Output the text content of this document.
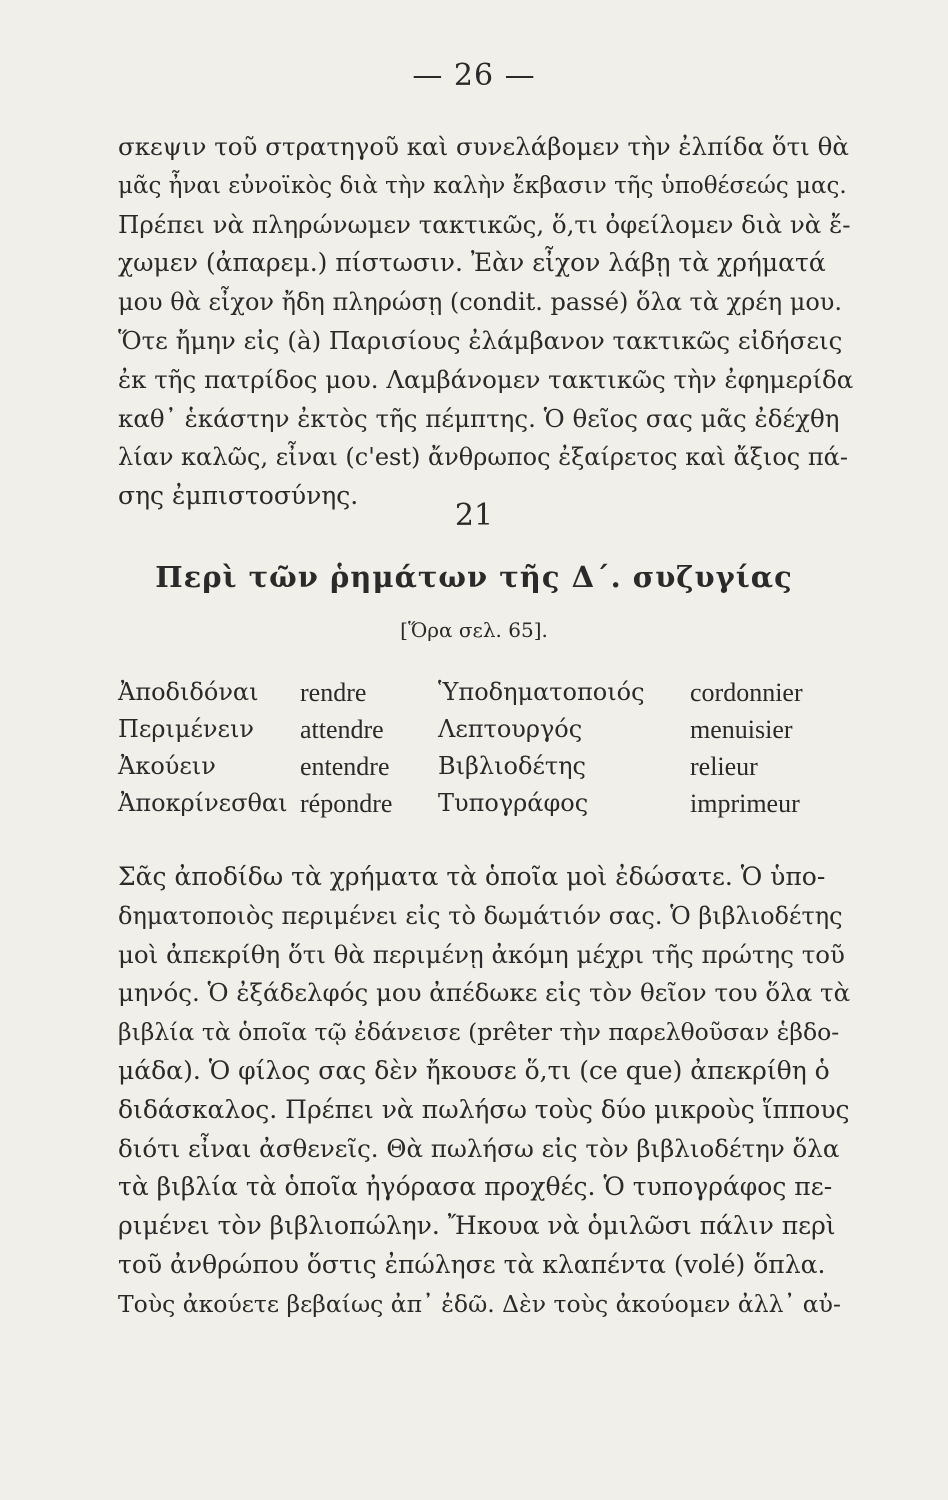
— 26 —
σκεψιν τοῦ στρατηγοῦ καὶ συνελάβομεν τὴν ἐλπίδα ὅτι θὰ
μᾶς ἦναι εὐνοϊκὸς διὰ τὴν καλὴν ἔκβασιν τῆς ὑποθέσεώς μας.
Πρέπει νὰ πληρώνωμεν τακτικῶς, ὅ,τι ὀφείλομεν διὰ νὰ ἔ-
χωμεν (ἀπαρεμ.) πίστωσιν. Ἐὰν εἶχον λάβῃ τὰ χρήματά
μου θὰ εἶχον ἤδη πληρώσῃ (condit. passé) ὅλα τὰ χρέη μου.
Ὅτε ἤμην εἰς (à) Παρισίους ἐλάμβανον τακτικῶς εἰδήσεις
ἐκ τῆς πατρίδος μου. Λαμβάνομεν τακτικῶς τὴν ἐφημερίδα
καθ᾽ ἑκάστην ἐκτὸς τῆς πέμπτης. Ὁ θεῖος σας μᾶς ἐδέχθη
λίαν καλῶς, εἶναι (c'est) ἄνθρωπος ἐξαίρετος καὶ ἄξιος πά-
σης ἐμπιστοσύνης.
21
Περὶ τῶν ῥημάτων τῆς Δ΄. συζυγίας
[Ὅρα σελ. 65].
Ἀποδιδόναι rendre	Ὑποδηματοποιός cordonnier
Περιμένειν attendre Λεπτουργός	menuisier
Ἀκούειν	entendre Βιβλιοδέτης	relieur
Ἀποκρίνεσθαι répondre Τυπογράφος	imprimeur
Σᾶς ἀποδίδω τὰ χρήματα τὰ ὁποῖα μοὶ ἐδώσατε. Ὁ ὑπο-
δηματοποιὸς περιμένει εἰς τὸ δωμάτιόν σας. Ὁ βιβλιοδέτης
μοὶ ἀπεκρίθη ὅτι θὰ περιμένῃ ἀκόμη μέχρι τῆς πρώτης τοῦ
μηνός. Ὁ ἐξάδελφός μου ἀπέδωκε εἰς τὸν θεῖον του ὅλα τὰ
βιβλία τὰ ὁποῖα τῷ ἐδάνεισε (prêter τὴν παρελθοῦσαν ἑβδο-
μάδα). Ὁ φίλος σας δὲν ἤκουσε ὅ,τι (ce que) ἀπεκρίθη ὁ
διδάσκαλος. Πρέπει νὰ πωλήσω τοὺς δύο μικροὺς ἵππους
διότι εἶναι ἀσθενεῖς. Θὰ πωλήσω εἰς τὸν βιβλιοδέτην ὅλα
τὰ βιβλία τὰ ὁποῖα ἠγόρασα προχθές. Ὁ τυπογράφος πε-
ριμένει τὸν βιβλιοπώλην. Ἤκουα νὰ ὁμιλῶσι πάλιν περὶ
τοῦ ἀνθρώπου ὅστις ἐπώλησε τὰ κλαπέντα (volé) ὅπλα.
Τοὺς ἀκούετε βεβαίως ἀπ᾽ ἐδῶ. Δὲν τοὺς ἀκούομεν ἀλλ᾽ αὐ-
